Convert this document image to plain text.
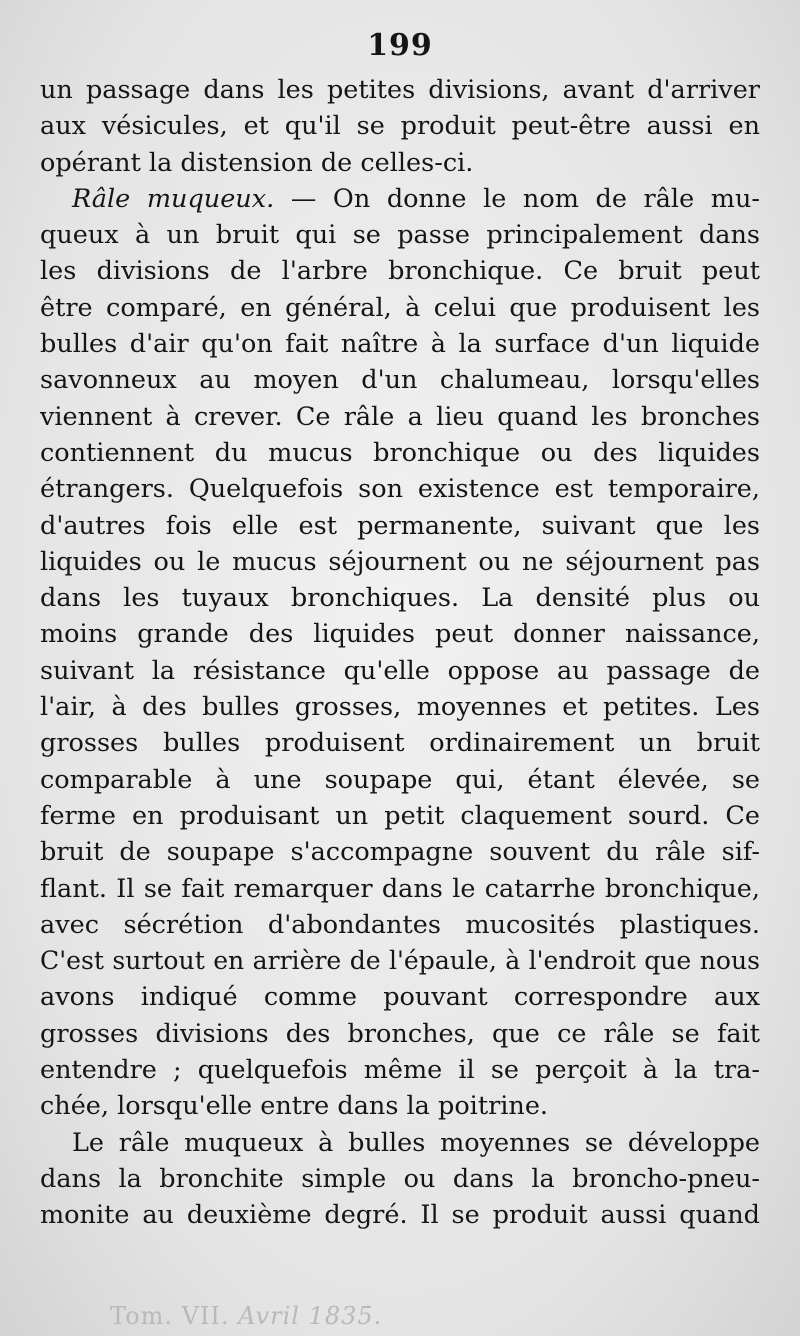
199
un passage dans les petites divisions, avant d'arriver
aux vésicules, et qu'il se produit peut-être aussi en
opérant la distension de celles-ci.
Râle muqueux. — On donne le nom de râle mu-
queux à un bruit qui se passe principalement dans
les divisions de l'arbre bronchique. Ce bruit peut
être comparé, en général, à celui que produisent les
bulles d'air qu'on fait naître à la surface d'un liquide
savonneux au moyen d'un chalumeau, lorsqu'elles
viennent à crever. Ce râle a lieu quand les bronches
contiennent du mucus bronchique ou des liquides
étrangers. Quelquefois son existence est temporaire,
d'autres fois elle est permanente, suivant que les
liquides ou le mucus séjournent ou ne séjournent pas
dans les tuyaux bronchiques. La densité plus ou
moins grande des liquides peut donner naissance,
suivant la résistance qu'elle oppose au passage de
l'air, à des bulles grosses, moyennes et petites. Les
grosses bulles produisent ordinairement un bruit
comparable à une soupape qui, étant élevée, se
ferme en produisant un petit claquement sourd. Ce
bruit de soupape s'accompagne souvent du râle sif-
flant. Il se fait remarquer dans le catarrhe bronchique,
avec sécrétion d'abondantes mucosités plastiques.
C'est surtout en arrière de l'épaule, à l'endroit que nous
avons indiqué comme pouvant correspondre aux
grosses divisions des bronches, que ce râle se fait
entendre ; quelquefois même il se perçoit à la tra-
chée, lorsqu'elle entre dans la poitrine.
Le râle muqueux à bulles moyennes se développe
dans la bronchite simple ou dans la broncho-pneu-
monite au deuxième degré. Il se produit aussi quand
Tom. VII. Avril 1835.
